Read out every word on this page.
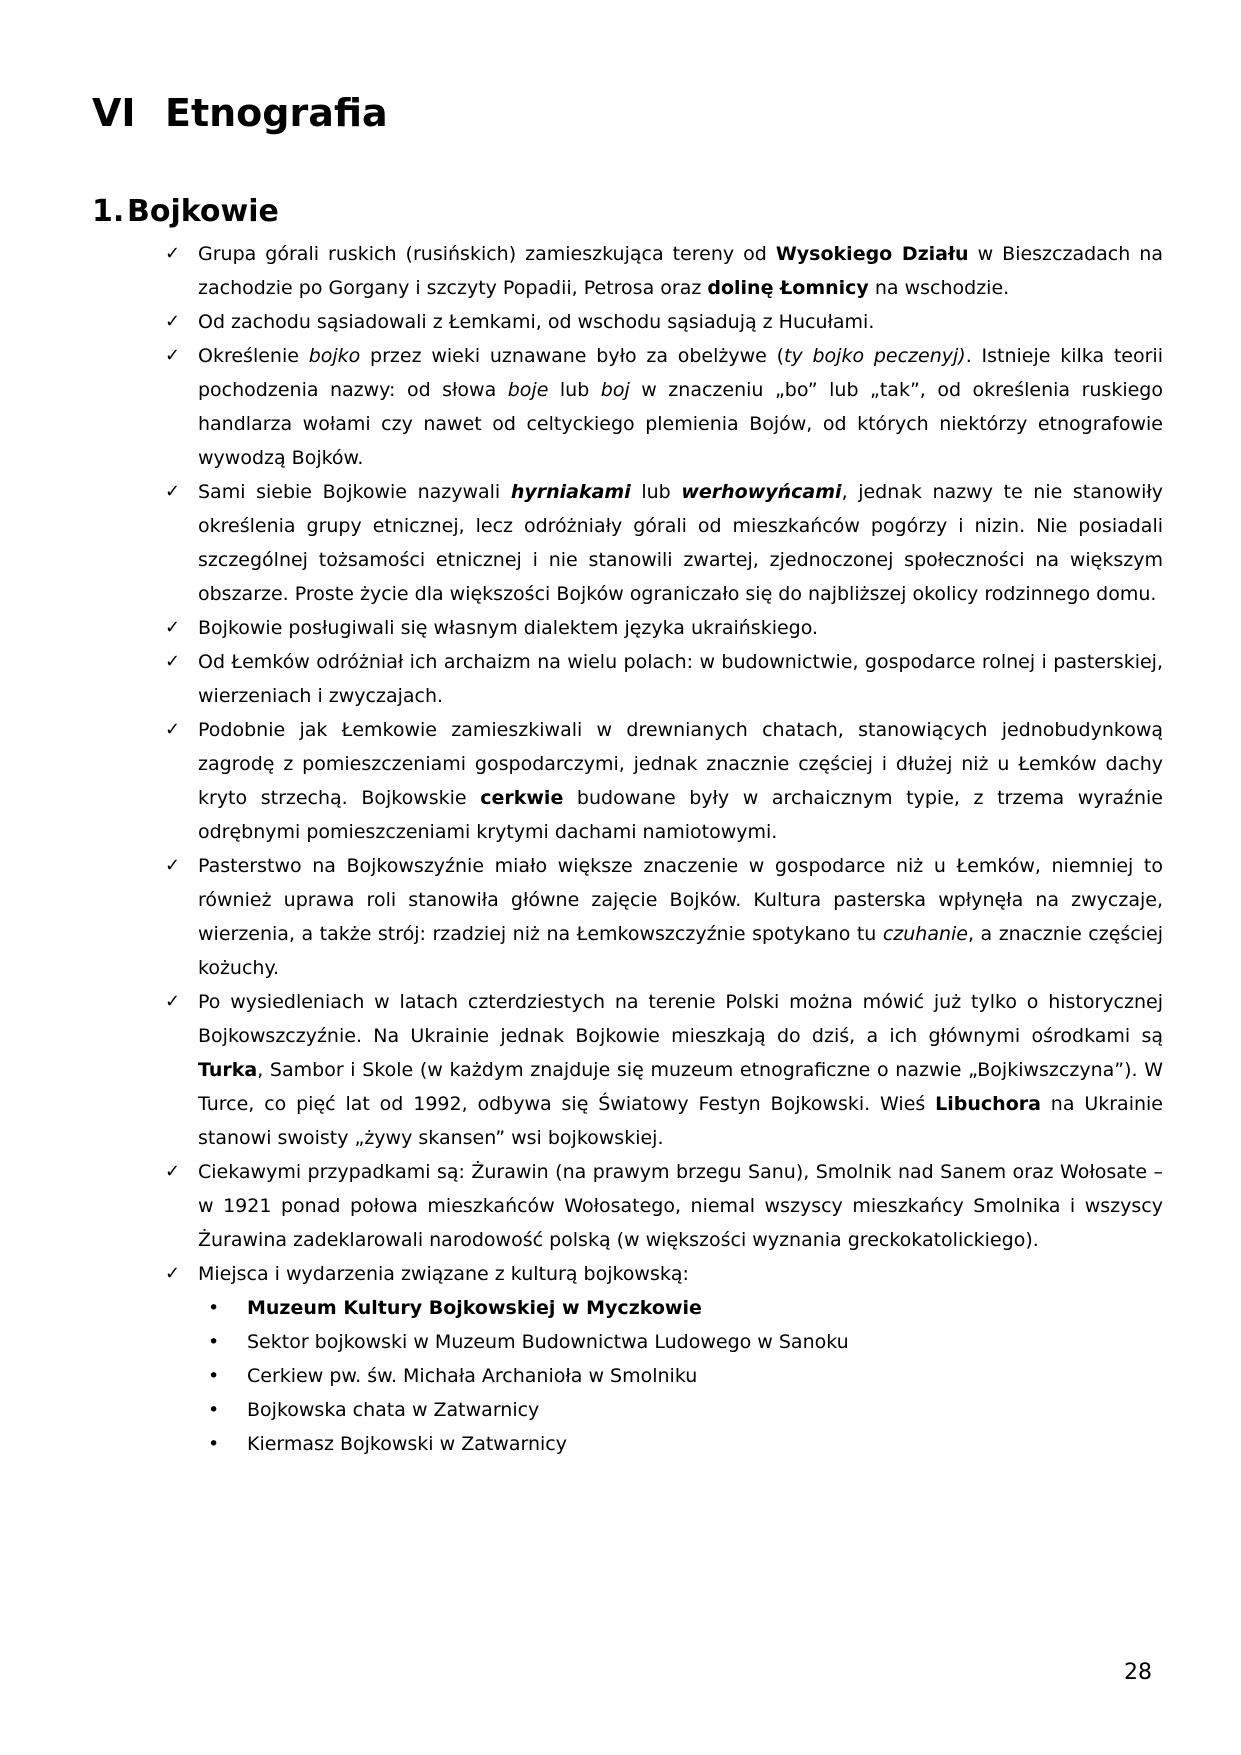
VI Etnografia
1.Bojkowie
✓ Grupa górali ruskich (rusińskich) zamieszkująca tereny od Wysokiego Działu w Bieszczadach na zachodzie po Gorgany i szczyty Popadii, Petrosa oraz dolinę Łomnicy na wschodzie.
✓ Od zachodu sąsiadowali z Łemkami, od wschodu sąsiadują z Hucułami.
✓ Określenie bojko przez wieki uznawane było za obelżywe (ty bojko peczenyj). Istnieje kilka teorii pochodzenia nazwy: od słowa boje lub boj w znaczeniu „bo” lub „tak”, od określenia ruskiego handlarza wołami czy nawet od celtyckiego plemienia Bojów, od których niektórzy etnografowie wywodzą Bojków.
✓ Sami siebie Bojkowie nazywali hyrniakami lub werhowyńcami, jednak nazwy te nie stanowiły określenia grupy etnicznej, lecz odróżniały górali od mieszkańców pogórzy i nizin. Nie posiadali szczególnej tożsamości etnicznej i nie stanowili zwartej, zjednoczonej społeczności na większym obszarze. Proste życie dla większości Bojków ograniczało się do najbliższej okolicy rodzinnego domu.
✓ Bojkowie posługiwali się własnym dialektem języka ukraińskiego.
✓ Od Łemków odróżniał ich archaizm na wielu polach: w budownictwie, gospodarce rolnej i pasterskiej, wierzeniach i zwyczajach.
✓ Podobnie jak Łemkowie zamieszkiwali w drewnianych chatach, stanowiących jednobudynkową zagrodę z pomieszczeniami gospodarczymi, jednak znacznie częściej i dłużej niż u Łemków dachy kryto strzechą. Bojkowskie cerkwie budowane były w archaicznym typie, z trzema wyraźnie odrębnymi pomieszczeniami krytymi dachami namiotowymi.
✓ Pasterstwo na Bojkowszyźnie miało większe znaczenie w gospodarce niż u Łemków, niemniej to również uprawa roli stanowiła główne zajęcie Bojków. Kultura pasterska wpłynęła na zwyczaje, wierzenia, a także strój: rzadziej niż na Łemkowszczyźnie spotykano tu czuhanie, a znacznie częściej kożuchy.
✓ Po wysiedleniach w latach czterdziestych na terenie Polski można mówić już tylko o historycznej Bojkowszczyźnie. Na Ukrainie jednak Bojkowie mieszkają do dziś, a ich głównymi ośrodkami są Turka, Sambor i Skole (w każdym znajduje się muzeum etnograficzne o nazwie „Bojkiwszczyna”). W Turce, co pięć lat od 1992, odbywa się Światowy Festyn Bojkowski. Wieś Libuchora na Ukrainie stanowi swoisty „żywy skansen” wsi bojkowskiej.
✓ Ciekawymi przypadkami są: Żurawin (na prawym brzegu Sanu), Smolnik nad Sanem oraz Wołosate – w 1921 ponad połowa mieszkańców Wołosatego, niemal wszyscy mieszkańcy Smolnika i wszyscy Żurawina zadeklarowali narodowość polską (w większości wyznania greckokatolickiego).
✓ Miejsca i wydarzenia związane z kulturą bojkowską:
•	Muzeum Kultury Bojkowskiej w Myczkowie
•	Sektor bojkowski w Muzeum Budownictwa Ludowego w Sanoku
•	Cerkiew pw. św. Michała Archanioła w Smolniku
•	Bojkowska chata w Zatwarnicy
•	Kiermasz Bojkowski w Zatwarnicy
28
